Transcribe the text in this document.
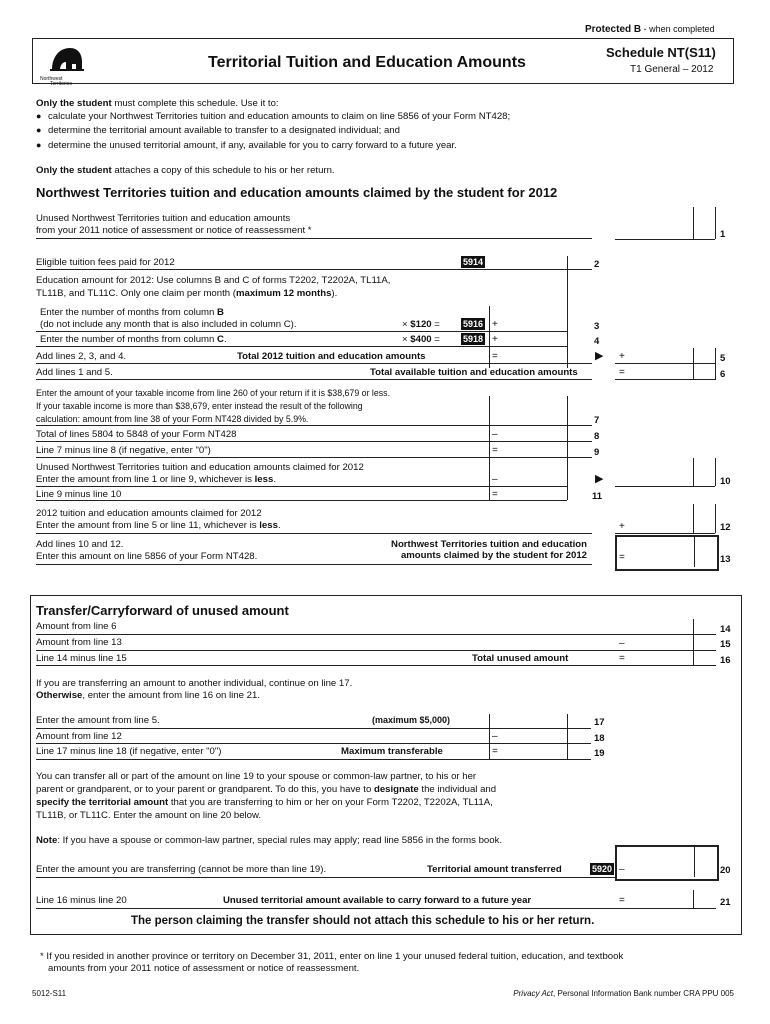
Protected B - when completed
Northwest
Territories
Territorial Tuition and Education Amounts
Schedule NT(S11)
T1 General – 2012
Only the student must complete this schedule. Use it to:
● calculate your Northwest Territories tuition and education amounts to claim on line 5856 of your Form NT428;
● determine the territorial amount available to transfer to a designated individual; and
● determine the unused territorial amount, if any, available for you to carry forward to a future year.
Only the student attaches a copy of this schedule to his or her return.
Northwest Territories tuition and education amounts claimed by the student for 2012
Unused Northwest Territories tuition and education amounts
from your 2011 notice of assessment or notice of reassessment *	1
Eligible tuition fees paid for 2012	5914	2
Education amount for 2012: Use columns B and C of forms T2202, T2202A, TL11A,
TL11B, and TL11C. Only one claim per month (maximum 12 months).
Enter the number of months from column B
(do not include any month that is also included in column C).	× $120 =	5916 +	3
Enter the number of months from column C.	× $400 =	5918 +	4
Add lines 2, 3, and 4.	Total 2012 tuition and education amounts	=	▶ +	5
Add lines 1 and 5.	Total available tuition and education amounts	=	6
Enter the amount of your taxable income from line 260 of your return if it is $38,679 or less.
If your taxable income is more than $38,679, enter instead the result of the following
calculation: amount from line 38 of your Form NT428 divided by 5.9%.	7
Total of lines 5804 to 5848 of your Form NT428	–	8
Line 7 minus line 8 (if negative, enter "0")	=	9
Unused Northwest Territories tuition and education amounts claimed for 2012
Enter the amount from line 1 or line 9, whichever is less.	–	▶	10
Line 9 minus line 10	=	11
2012 tuition and education amounts claimed for 2012
Enter the amount from line 5 or line 11, whichever is less.	+	12
Add lines 10 and 12.
Enter this amount on line 5856 of your Form NT428.
Northwest Territories tuition and education
amounts claimed by the student for 2012	=	13
Transfer/Carryforward of unused amount
Amount from line 6	14
Amount from line 13	–	15
Line 14 minus line 15	Total unused amount	=	16
If you are transferring an amount to another individual, continue on line 17.
Otherwise, enter the amount from line 16 on line 21.
Enter the amount from line 5.	(maximum $5,000)	17
Amount from line 12	–	18
Line 17 minus line 18 (if negative, enter "0")	Maximum transferable	=	19
You can transfer all or part of the amount on line 19 to your spouse or common-law partner, to his or her
parent or grandparent, or to your parent or grandparent. To do this, you have to designate the individual and
specify the territorial amount that you are transferring to him or her on your Form T2202, T2202A, TL11A,
TL11B, or TL11C. Enter the amount on line 20 below.
Note: If you have a spouse or common-law partner, special rules may apply; read line 5856 in the forms book.
Enter the amount you are transferring (cannot be more than line 19).	Territorial amount transferred	5920 –	20
Line 16 minus line 20	Unused territorial amount available to carry forward to a future year	=	21
The person claiming the transfer should not attach this schedule to his or her return.
* If you resided in another province or territory on December 31, 2011, enter on line 1 your unused federal tuition, education, and textbook
amounts from your 2011 notice of assessment or notice of reassessment.
5012-S11	Privacy Act, Personal Information Bank number CRA PPU 005
